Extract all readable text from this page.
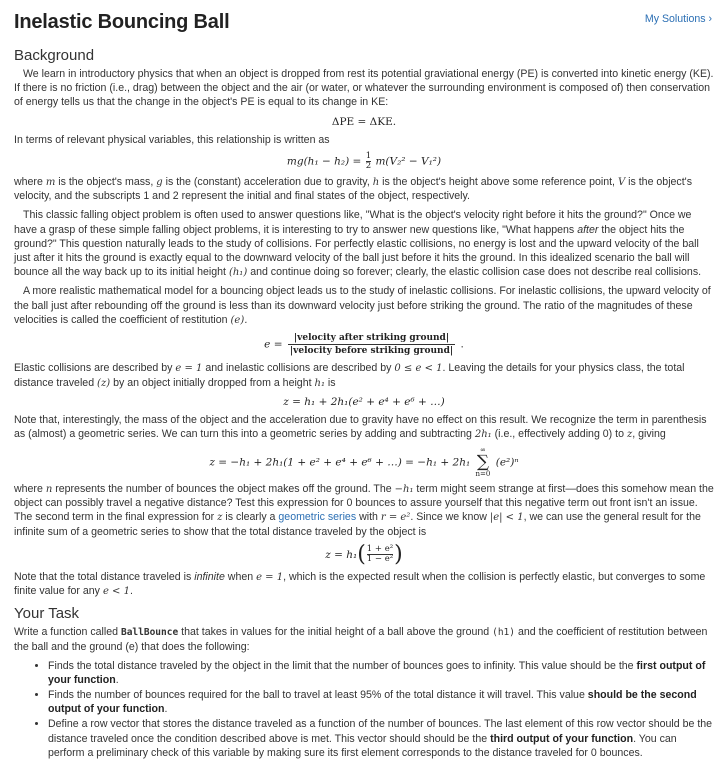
Inelastic Bouncing Ball	My Solutions ›
Background

We learn in introductory physics that when an object is dropped from rest its potential graviational energy (PE) is converted into kinetic energy (KE). If there is no friction (i.e., drag) between the object and the air (or water, or whatever the surrounding environment is composed of) then conservation of energy tells us that the change in the object's PE is equal to its change in KE:

ΔPE = ΔKE.

In terms of relevant physical variables, this relationship is written as

$mg(h_1 - h_2) = \frac{1}{2} m(V_2^2 - V_1^2)$

where m is the object's mass, g is the (constant) acceleration due to gravity, h is the object's height above some reference point, V is the object's velocity, and the subscripts 1 and 2 represent the initial and final states of the object, respectively.

This classic falling object problem is often used to answer questions like, "What is the object's velocity right before it hits the ground?" Once we have a grasp of these simple falling object problems, it is interesting to try to answer new questions like, "What happens after the object hits the ground?" This question naturally leads to the study of collisions. For perfectly elastic collisions, no energy is lost and the upward velocity of the ball just after it hits the ground is exactly equal to the downward velocity of the ball just before it hits the ground. In this idealized scenario the ball will bounce all the way back up to its initial height (h₁) and continue doing so forever; clearly, the elastic collision case does not describe real collisions.

A more realistic mathematical model for a bouncing object leads us to the study of inelastic collisions. For inelastic collisions, the upward velocity of the ball just after rebounding off the ground is less than its downward velocity just before striking the ground. The ratio of the magnitudes of these velocities is called the coefficient of restitution (e).

$e = \frac{\text{|velocity after striking ground|}}{\text{|velocity before striking ground|}}$ .

Elastic collisions are described by e = 1 and inelastic collisions are described by 0 ≤ e < 1. Leaving the details for your physics class, the total distance traveled (z) by an object initially dropped from a height h₁ is

z = h₁ + 2h₁(e² + e⁴ + e⁶ + …)

Note that, interestingly, the mass of the object and the acceleration due to gravity have no effect on this result. We recognize the term in parenthesis as (almost) a geometric series. We can turn this into a geometric series by adding and subtracting 2h₁ (i.e., effectively adding 0) to z, giving

z = −h₁ + 2h₁(1 + e² + e⁴ + e⁶ + …) = −h₁ + 2h₁
∞
∑
n=0
(e²)ⁿ

where n represents the number of bounces the object makes off the ground. The −h₁ term might seem strange at first—does this somehow mean the object can possibly travel a negative distance? Test this expression for 0 bounces to assure yourself that this negative term out front isn't an issue. The second term in the final expression for z is clearly a geometric series with r = e². Since we know |e| < 1, we can use the general result for the infinite sum of a geometric series to show that the total distance traveled by the object is

$z = h_1( \frac{\text{1 + e²}}{\text{1 − e²}}$ )

Note that the total distance traveled is infinite when e = 1, which is the expected result when the collision is perfectly elastic, but converges to some finite value for any e < 1.

Your Task

Write a function called BallBounce that takes in values for the initial height of a ball above the ground (h1) and the coefficient of restitution between the ball and the ground (e) that does the following:

• Finds the total distance traveled by the object in the limit that the number of bounces goes to infinity. This value should be the first output of your function.
• Finds the number of bounces required for the ball to travel at least 95% of the total distance it will travel. This value should be the second output of your function.
• Define a row vector that stores the distance traveled as a function of the number of bounces. The last element of this row vector should be the distance traveled once the condition described above is met. This vector should should be the third output of your function. You can perform a preliminary check of this variable by making sure its first element corresponds to the distance traveled for 0 bounces.
